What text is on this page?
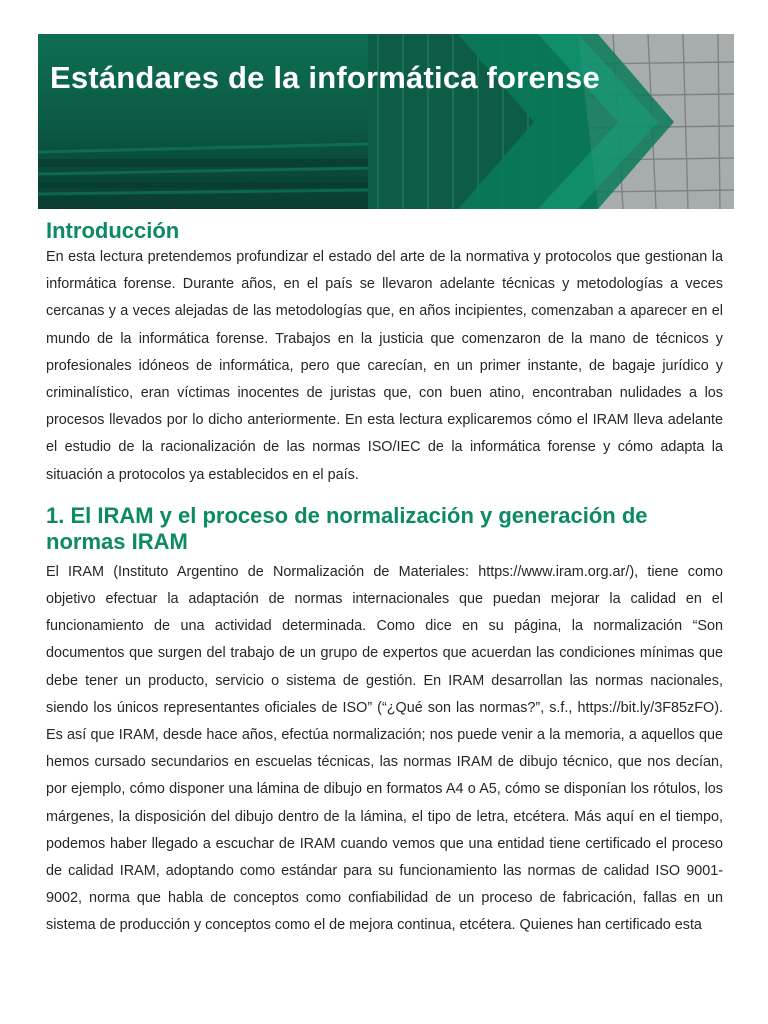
Estándares de la informática forense
Introducción

En esta lectura pretendemos profundizar el estado del arte de la normativa y protocolos que gestionan la informática forense. Durante años, en el país se llevaron adelante técnicas y metodologías a veces cercanas y a veces alejadas de las metodologías que, en años incipientes, comenzaban a aparecer en el mundo de la informática forense. Trabajos en la justicia que comenzaron de la mano de técnicos y profesionales idóneos de informática, pero que carecían, en un primer instante, de bagaje jurídico y criminalístico, eran víctimas inocentes de juristas que, con buen atino, encontraban nulidades a los procesos llevados por lo dicho anteriormente. En esta lectura explicaremos cómo el IRAM lleva adelante el estudio de la racionalización de las normas ISO/IEC de la informática forense y cómo adapta la situación a protocolos ya establecidos en el país.

1. El IRAM y el proceso de normalización y generación de normas IRAM

El IRAM (Instituto Argentino de Normalización de Materiales: https://www.iram.org.ar/), tiene como objetivo efectuar la adaptación de normas internacionales que puedan mejorar la calidad en el funcionamiento de una actividad determinada. Como dice en su página, la normalización “Son documentos que surgen del trabajo de un grupo de expertos que acuerdan las condiciones mínimas que debe tener un producto, servicio o sistema de gestión. En IRAM desarrollan las normas nacionales, siendo los únicos representantes oficiales de ISO” (“¿Qué son las normas?”, s.f., https://bit.ly/3F85zFO). Es así que IRAM, desde hace años, efectúa normalización; nos puede venir a la memoria, a aquellos que hemos cursado secundarios en escuelas técnicas, las normas IRAM de dibujo técnico, que nos decían, por ejemplo, cómo disponer una lámina de dibujo en formatos A4 o A5, cómo se disponían los rótulos, los márgenes, la disposición del dibujo dentro de la lámina, el tipo de letra, etcétera. Más aquí en el tiempo, podemos haber llegado a escuchar de IRAM cuando vemos que una entidad tiene certificado el proceso de calidad IRAM, adoptando como estándar para su funcionamiento las normas de calidad ISO 9001-9002, norma que habla de conceptos como confiabilidad de un proceso de fabricación, fallas en un sistema de producción y conceptos como el de mejora continua, etcétera. Quienes han certificado esta
